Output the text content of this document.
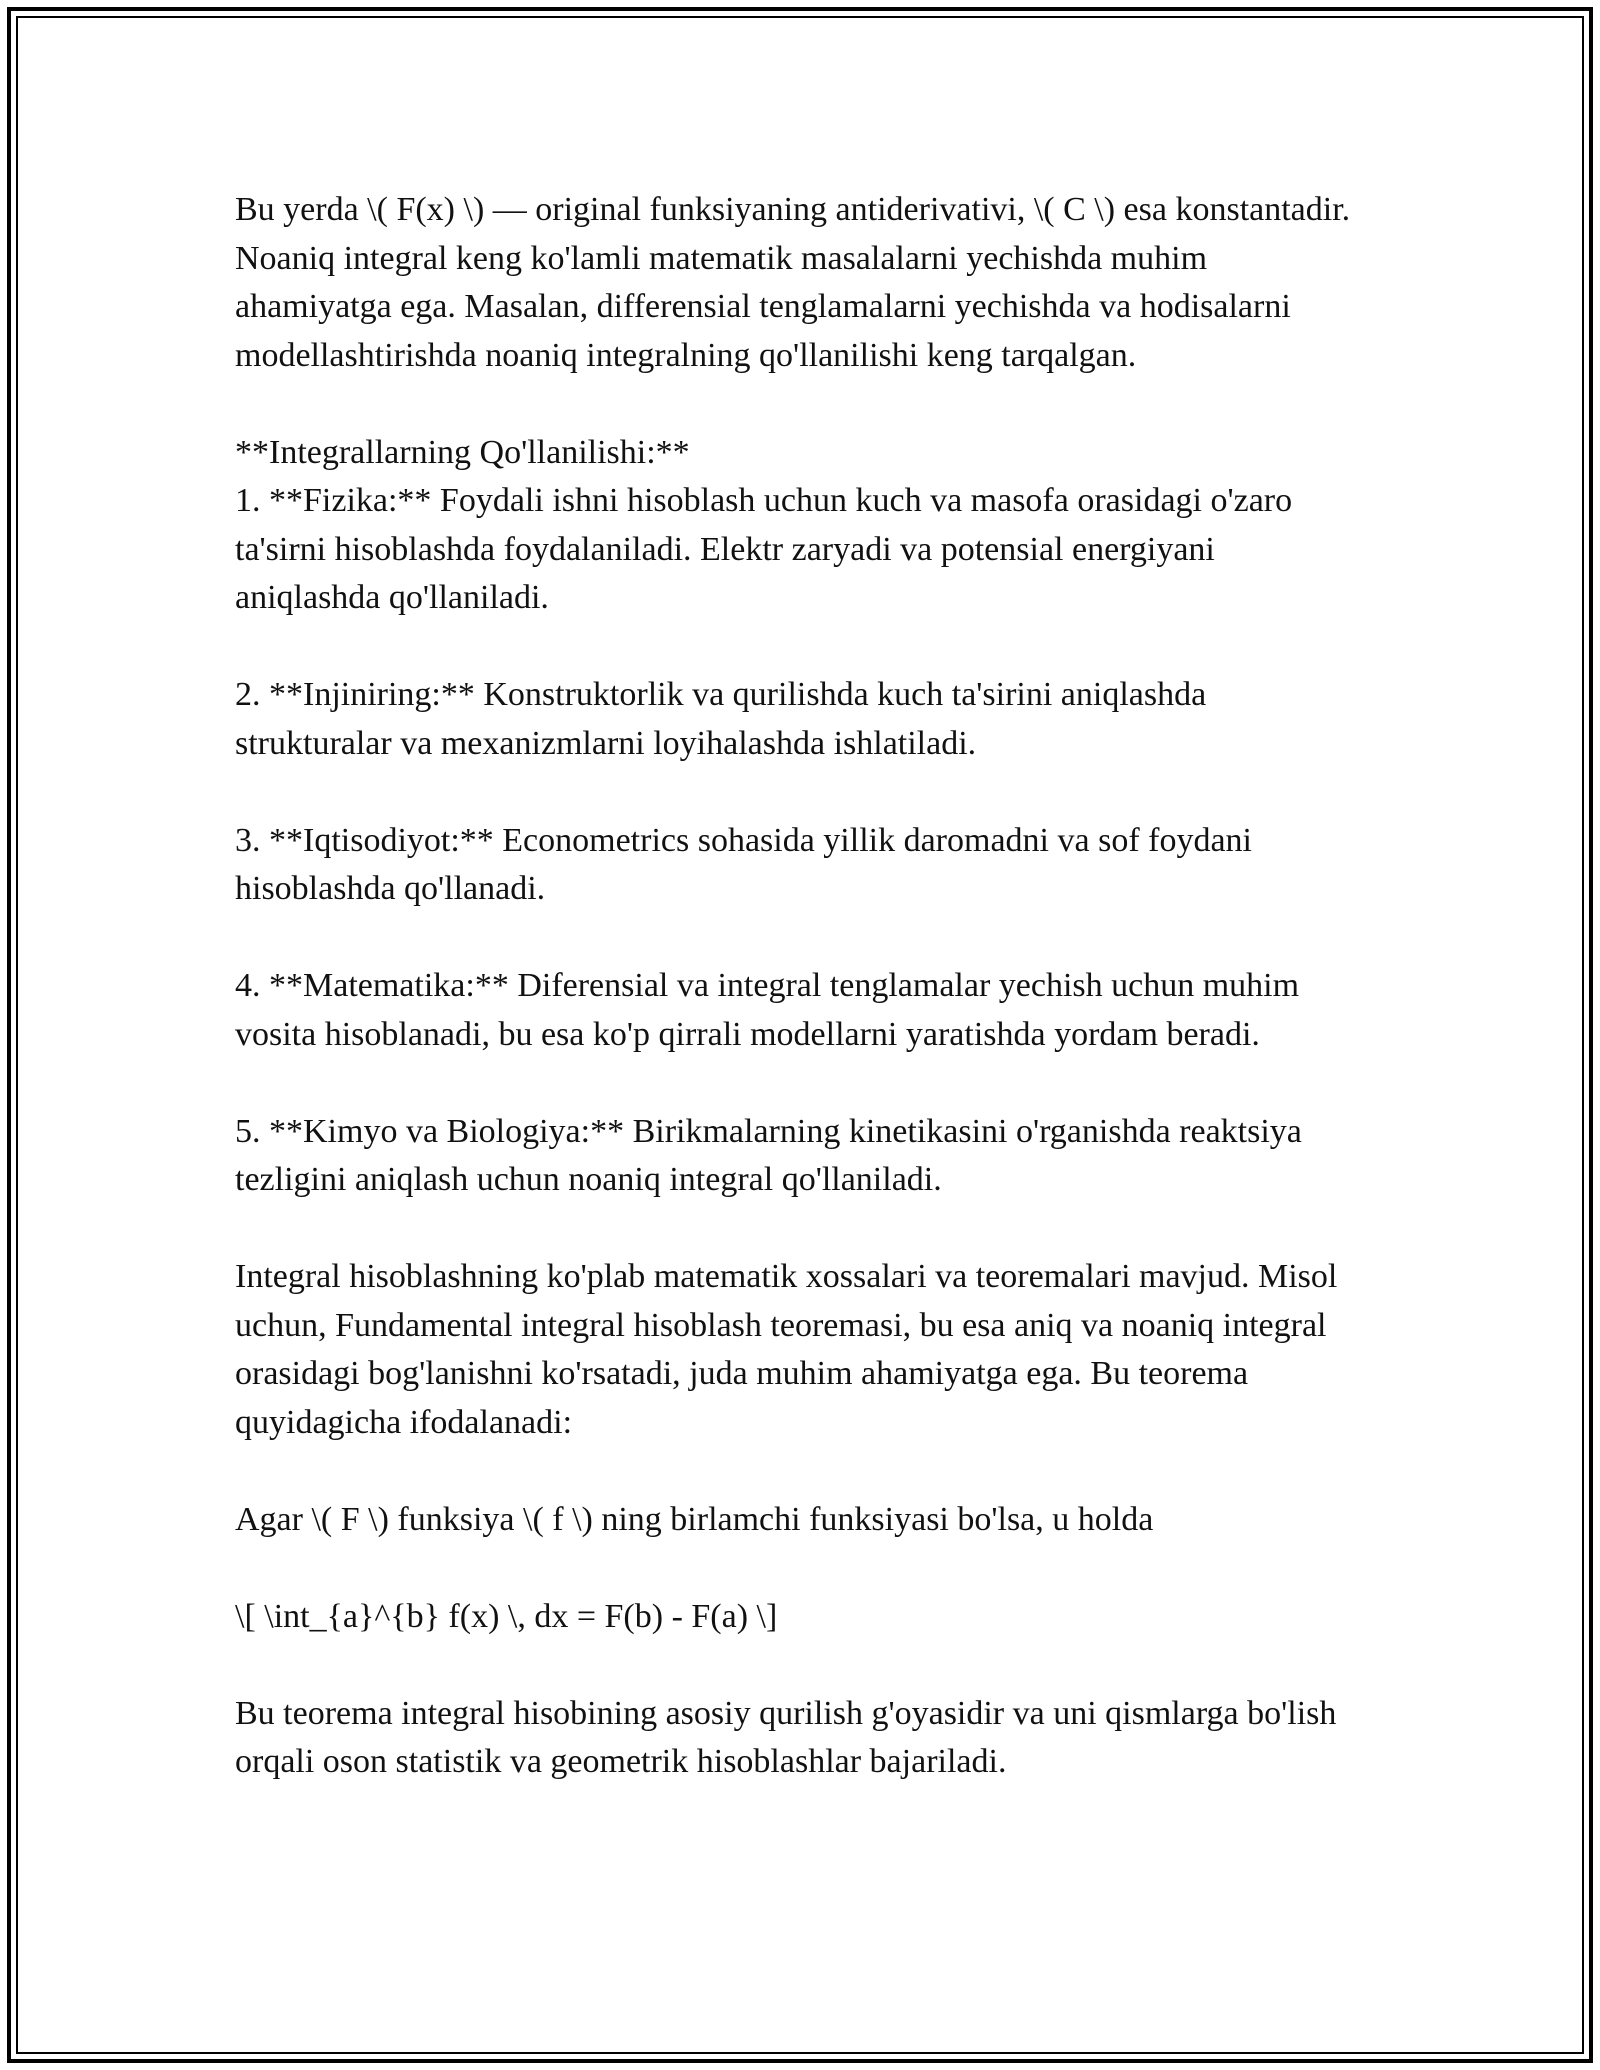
Bu yerda \( F(x) \) — original funksiyaning antiderivativi, \( C \) esa konstantadir. Noaniq integral keng ko'lamli matematik masalalarni yechishda muhim ahamiyatga ega. Masalan, differensial tenglamalarni yechishda va hodisalarni modellashtirishda noaniq integralning qo'llanilishi keng tarqalgan.

**Integrallarning Qo'llanilishi:**

1. **Fizika:** Foydali ishni hisoblash uchun kuch va masofa orasidagi o'zaro ta'sirni hisoblashda foydalaniladi. Elektr zaryadi va potensial energiyani aniqlashda qo'llaniladi.

2. **Injiniring:** Konstruktorlik va qurilishda kuch ta'sirini aniqlashda strukturalar va mexanizmlarni loyihalashda ishlatiladi.

3. **Iqtisodiyot:** Econometrics sohasida yillik daromadni va sof foydani hisoblashda qo'llanadi.

4. **Matematika:** Diferensial va integral tenglamalar yechish uchun muhim vosita hisoblanadi, bu esa ko'p qirrali modellarni yaratishda yordam beradi.

5. **Kimyo va Biologiya:** Birikmalarning kinetikasini o'rganishda reaktsiya tezligini aniqlash uchun noaniq integral qo'llaniladi.

Integral hisoblashning ko'plab matematik xossalari va teoremalari mavjud. Misol uchun, Fundamental integral hisoblash teoremasi, bu esa aniq va noaniq integral orasidagi bog'lanishni ko'rsatadi, juda muhim ahamiyatga ega. Bu teorema quyidagicha ifodalanadi:

Agar \( F \) funksiya \( f \) ning birlamchi funksiyasi bo'lsa, u holda

\[ \int_{a}^{b} f(x) \, dx = F(b) - F(a) \]

Bu teorema integral hisobining asosiy qurilish g'oyasidir va uni qismlarga bo'lish orqali oson statistik va geometrik hisoblashlar bajariladi.
